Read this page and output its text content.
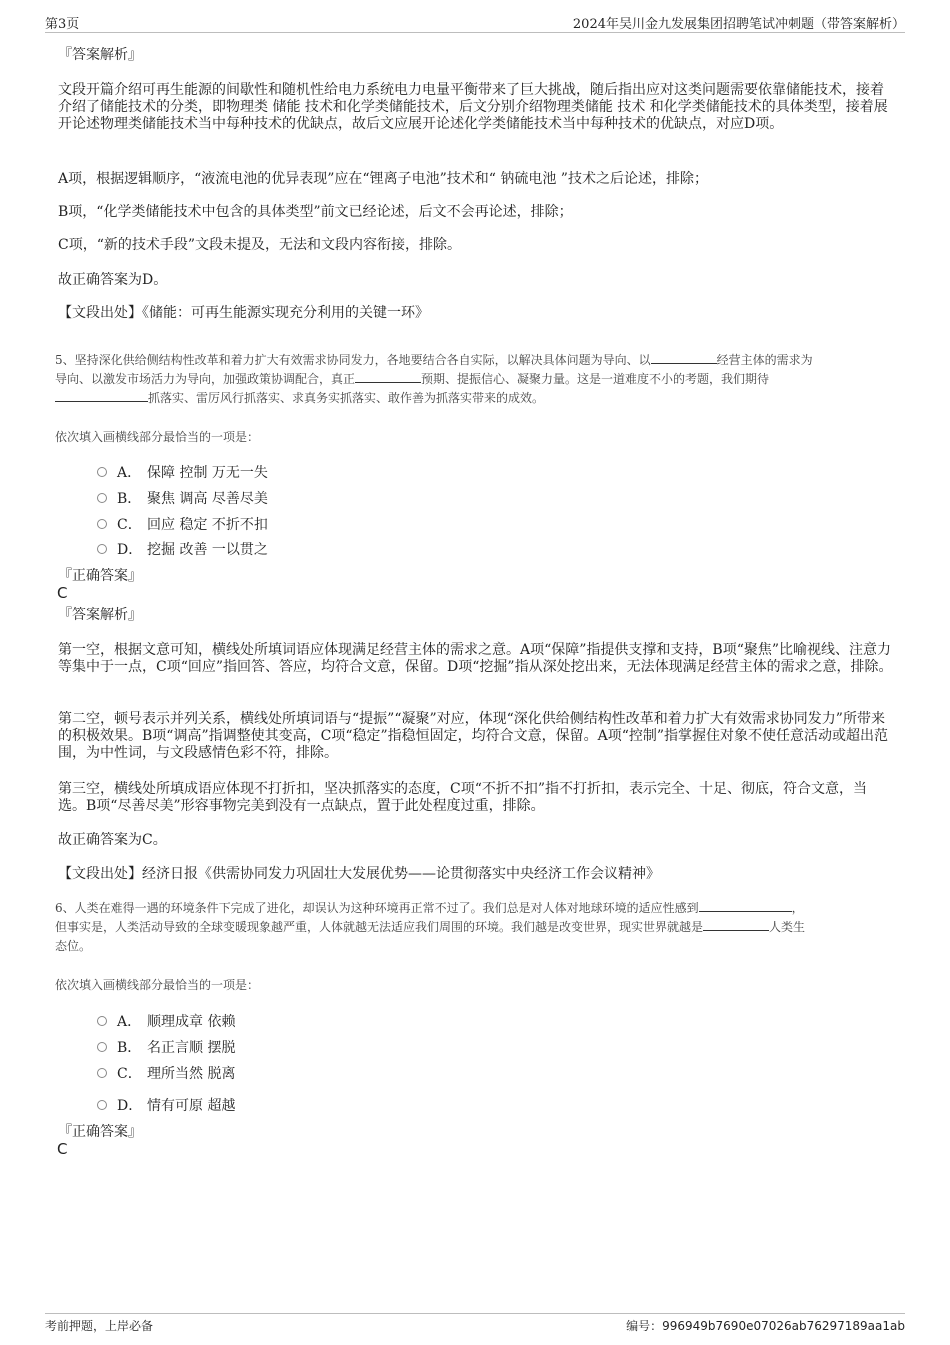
第3页	2024年吴川金九发展集团招聘笔试冲刺题（带答案解析）
『答案解析』
文段开篇介绍可再生能源的间歇性和随机性给电力系统电力电量平衡带来了巨大挑战，随后指出应对这类问题需要依靠储能技术，接着介绍了储能技术的分类，即物理类 储能 技术和化学类储能技术，后文分别介绍物理类储能 技术 和化学类储能技术的具体类型，接着展开论述物理类储能技术当中每种技术的优缺点，故后文应展开论述化学类储能技术当中每种技术的优缺点，对应D项。
A项，根据逻辑顺序，“液流电池的优异表现”应在“锂离子电池”技术和“ 钠硫电池 ”技术之后论述，排除；
B项，“化学类储能技术中包含的具体类型”前文已经论述，后文不会再论述，排除；
C项，“新的技术手段”文段未提及，无法和文段内容衔接，排除。
故正确答案为D。
【文段出处】《储能：可再生能源实现充分利用的关键一环》
5、坚持深化供给侧结构性改革和着力扩大有效需求协同发力，各地要结合各自实际，以解决具体问题为导向、以	经营主体的需求为
导向、以激发市场活力为导向，加强政策协调配合，真正	预期、提振信心、凝聚力量。这是一道难度不小的考题，我们期待
抓落实、雷厉风行抓落实、求真务实抓落实、敢作善为抓落实带来的成效。
依次填入画横线部分最恰当的一项是：
A． 保障 控制 万无一失
B． 聚焦 调高 尽善尽美
C． 回应 稳定 不折不扣
D． 挖掘 改善 一以贯之
『正确答案』
C
『答案解析』
第一空，根据文意可知，横线处所填词语应体现满足经营主体的需求之意。A项“保障”指提供支撑和支持，B项“聚焦”比喻视线、注意力等集中于一点，C项“回应”指回答、答应，均符合文意，保留。D项“挖掘”指从深处挖出来，无法体现满足经营主体的需求之意，排除。
第二空，顿号表示并列关系，横线处所填词语与“提振”“凝聚”对应，体现“深化供给侧结构性改革和着力扩大有效需求协同发力”所带来的积极效果。B项“调高”指调整使其变高，C项“稳定”指稳恒固定，均符合文意，保留。A项“控制”指掌握住对象不使任意活动或超出范围，为中性词，与文段感情色彩不符，排除。
第三空，横线处所填成语应体现不打折扣，坚决抓落实的态度，C项“不折不扣”指不打折扣，表示完全、十足、彻底，符合文意，当选。B项“尽善尽美”形容事物完美到没有一点缺点，置于此处程度过重，排除。
故正确答案为C。
【文段出处】经济日报《供需协同发力巩固壮大发展优势——论贯彻落实中央经济工作会议精神》
6、人类在难得一遇的环境条件下完成了进化，却误认为这种环境再正常不过了。我们总是对人体对地球环境的适应性感到	，
但事实是，人类活动导致的全球变暖现象越严重，人体就越无法适应我们周围的环境。我们越是改变世界，现实世界就越是	人类生
态位。
依次填入画横线部分最恰当的一项是：
A． 顺理成章 依赖
B． 名正言顺 摆脱
C． 理所当然 脱离
D． 情有可原 超越
『正确答案』
C
考前押题，上岸必备	编号：996949b7690e07026ab76297189aa1ab
